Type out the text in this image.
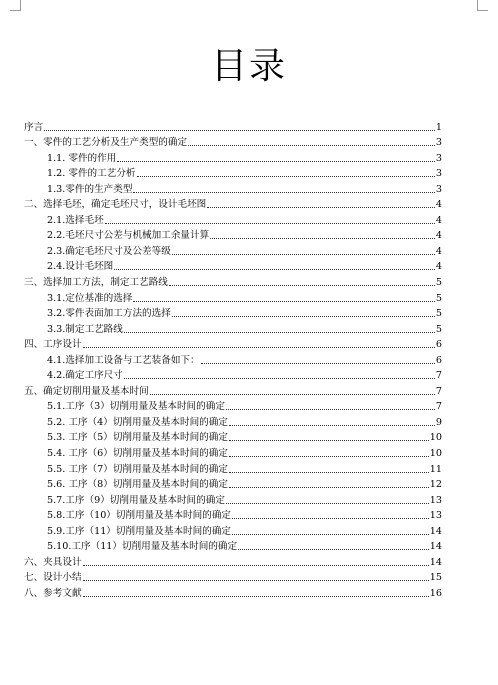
目录
序言	1
一、零件的工艺分析及生产类型的确定	3
1.1. 零件的作用	3
1.2. 零件的工艺分析	3
1.3.零件的生产类型	3
二、选择毛坯，确定毛坯尺寸，设计毛坯图	4
2.1.选择毛坯	4
2.2.毛坯尺寸公差与机械加工余量计算	4
2.3.确定毛坯尺寸及公差等级	4
2.4.设计毛坯图	4
三、选择加工方法，制定工艺路线	5
3.1.定位基准的选择	5
3.2.零件表面加工方法的选择	5
3.3.制定工艺路线	5
四、工序设计	6
4.1.选择加工设备与工艺装备如下：	6
4.2.确定工序尺寸	7
五、确定切削用量及基本时间	7
5.1.工序（3）切削用量及基本时间的确定	7
5.2. 工序（4）切削用量及基本时间的确定	9
5.3. 工序（5）切削用量及基本时间的确定	10
5.4. 工序（6）切削用量及基本时间的确定	10
5.5. 工序（7）切削用量及基本时间的确定	11
5.6. 工序（8）切削用量及基本时间的确定	12
5.7.工序（9）切削用量及基本时间的确定	13
5.8.工序（10）切削用量及基本时间的确定	13
5.9.工序（11）切削用量及基本时间的确定	14
5.10.工序（11）切削用量及基本时间的确定	14
六、夹具设计	14
七、设计小结	15
八、参考文献	16
